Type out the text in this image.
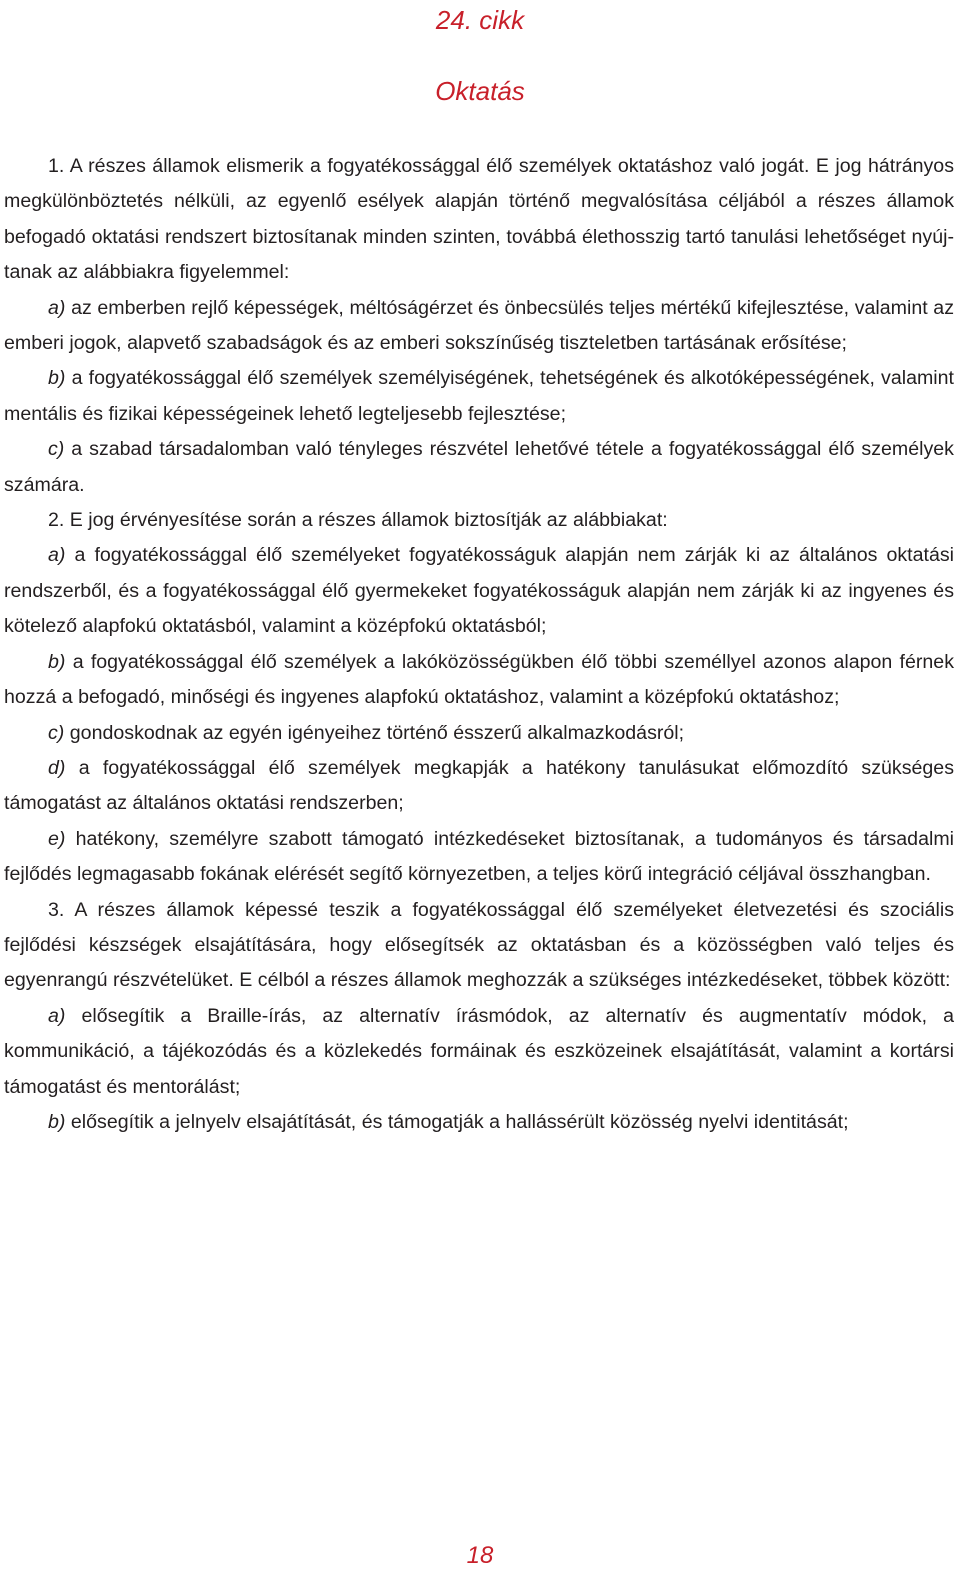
24. cikk
Oktatás

1. A részes államok elismerik a fogyatékossággal élő személyek oktatáshoz való jogát. E jog hátrányos megkülönböztetés nélküli, az egyenlő esélyek alapján történő megvalósítása céljából a részes államok befogadó oktatási rendszert biztosítanak minden szinten, továbbá élethosszig tartó tanulási lehetőséget nyújtanak az alábbiakra figyelemmel:

a) az emberben rejlő képességek, méltóságérzet és önbecsülés teljes mértékű kifejlesztése, valamint az emberi jogok, alapvető szabadságok és az emberi sokszínűség tiszteletben tartásának erősítése;

b) a fogyatékossággal élő személyek személyiségének, tehetségének és alkotóképességének, valamint mentális és fizikai képességeinek lehető legteljesebb fejlesztése;

c) a szabad társadalomban való tényleges részvétel lehetővé tétele a fogyatékossággal élő személyek számára.

2. E jog érvényesítése során a részes államok biztosítják az alábbiakat:

a) a fogyatékossággal élő személyeket fogyatékosságuk alapján nem zárják ki az általános oktatási rendszerből, és a fogyatékossággal élő gyermekeket fogyatékosságuk alapján nem zárják ki az ingyenes és kötelező alapfokú oktatásból, valamint a középfokú oktatásból;

b) a fogyatékossággal élő személyek a lakóközösségükben élő többi személlyel azonos alapon férnek hozzá a befogadó, minőségi és ingyenes alapfokú oktatáshoz, valamint a középfokú oktatáshoz;

c) gondoskodnak az egyén igényeihez történő ésszerű alkalmazkodásról;

d) a fogyatékossággal élő személyek megkapják a hatékony tanulásukat előmozdító szükséges támogatást az általános oktatási rendszerben;

e) hatékony, személyre szabott támogató intézkedéseket biztosítanak, a tudományos és társadalmi fejlődés legmagasabb fokának elérését segítő környezetben, a teljes körű integráció céljával összhangban.

3. A részes államok képessé teszik a fogyatékossággal élő személyeket életvezetési és szociális fejlődési készségek elsajátítására, hogy elősegítsék az oktatásban és a közösségben való teljes és egyenrangú részvételüket. E célból a részes államok meghozzák a szükséges intézkedéseket, többek között:

a) elősegítik a Braille-írás, az alternatív írásmódok, az alternatív és augmentatív módok, a kommunikáció, a tájékozódás és a közlekedés formáinak és eszközeinek elsajátítását, valamint a kortársi támogatást és mentorálást;

b) elősegítik a jelnyelv elsajátítását, és támogatják a hallássérült közösség nyelvi identitását;

18
